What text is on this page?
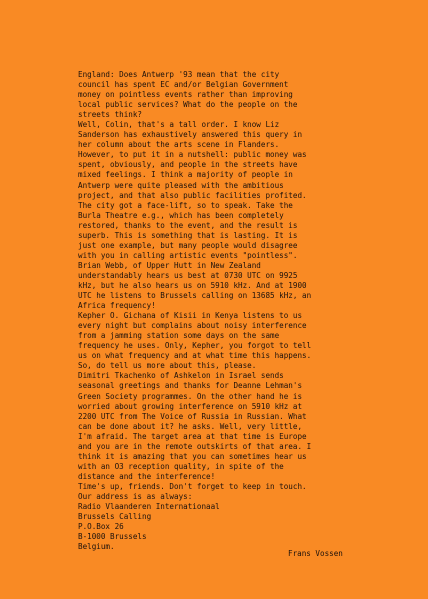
England: Does Antwerp '93 mean that the city
council has spent EC and/or Belgian Government
money on pointless events rather than improving
local public services? What do the people on the
streets think?
Well, Colin, that's a tall order. I know Liz
Sanderson has exhaustively answered this query in
her column about the arts scene in Flanders.
However, to put it in a nutshell: public money was
spent, obviously, and people in the streets have
mixed feelings. I think a majority of people in
Antwerp were quite pleased with the ambitious
project, and that also public facilities profited.
The city got a face-lift, so to speak. Take the
Burla Theatre e.g., which has been completely
restored, thanks to the event, and the result is
superb. This is something that is lasting. It is
just one example, but many people would disagree
with you in calling artistic events "pointless".
Brian Webb, of Upper Hutt in New Zealand
understandably hears us best at 0730 UTC on 9925
kHz, but he also hears us on 5910 kHz. And at 1900
UTC he listens to Brussels calling on 13685 kHz, an
Africa frequency!
Kepher O. Gichana of Kisii in Kenya listens to us
every night but complains about noisy interference
from a jamming station some days on the same
frequency he uses. Only, Kepher, you forgot to tell
us on what frequency and at what time this happens.
So, do tell us more about this, please.
Dimitri Tkachenko of Ashkelon in Israel sends
seasonal greetings and thanks for Deanne Lehman's
Green Society programmes. On the other hand he is
worried about growing interference on 5910 kHz at
2200 UTC from The Voice of Russia in Russian. What
can be done about it? he asks. Well, very little,
I'm afraid. The target area at that time is Europe
and you are in the remote outskirts of that area. I
think it is amazing that you can sometimes hear us
with an O3 reception quality, in spite of the
distance and the interference!
Time's up, friends. Don't forget to keep in touch.
Our address is as always:
Radio Vlaanderen Internationaal
Brussels Calling
P.O.Box 26
B-1000 Brussels
Belgium.
Frans Vossen
